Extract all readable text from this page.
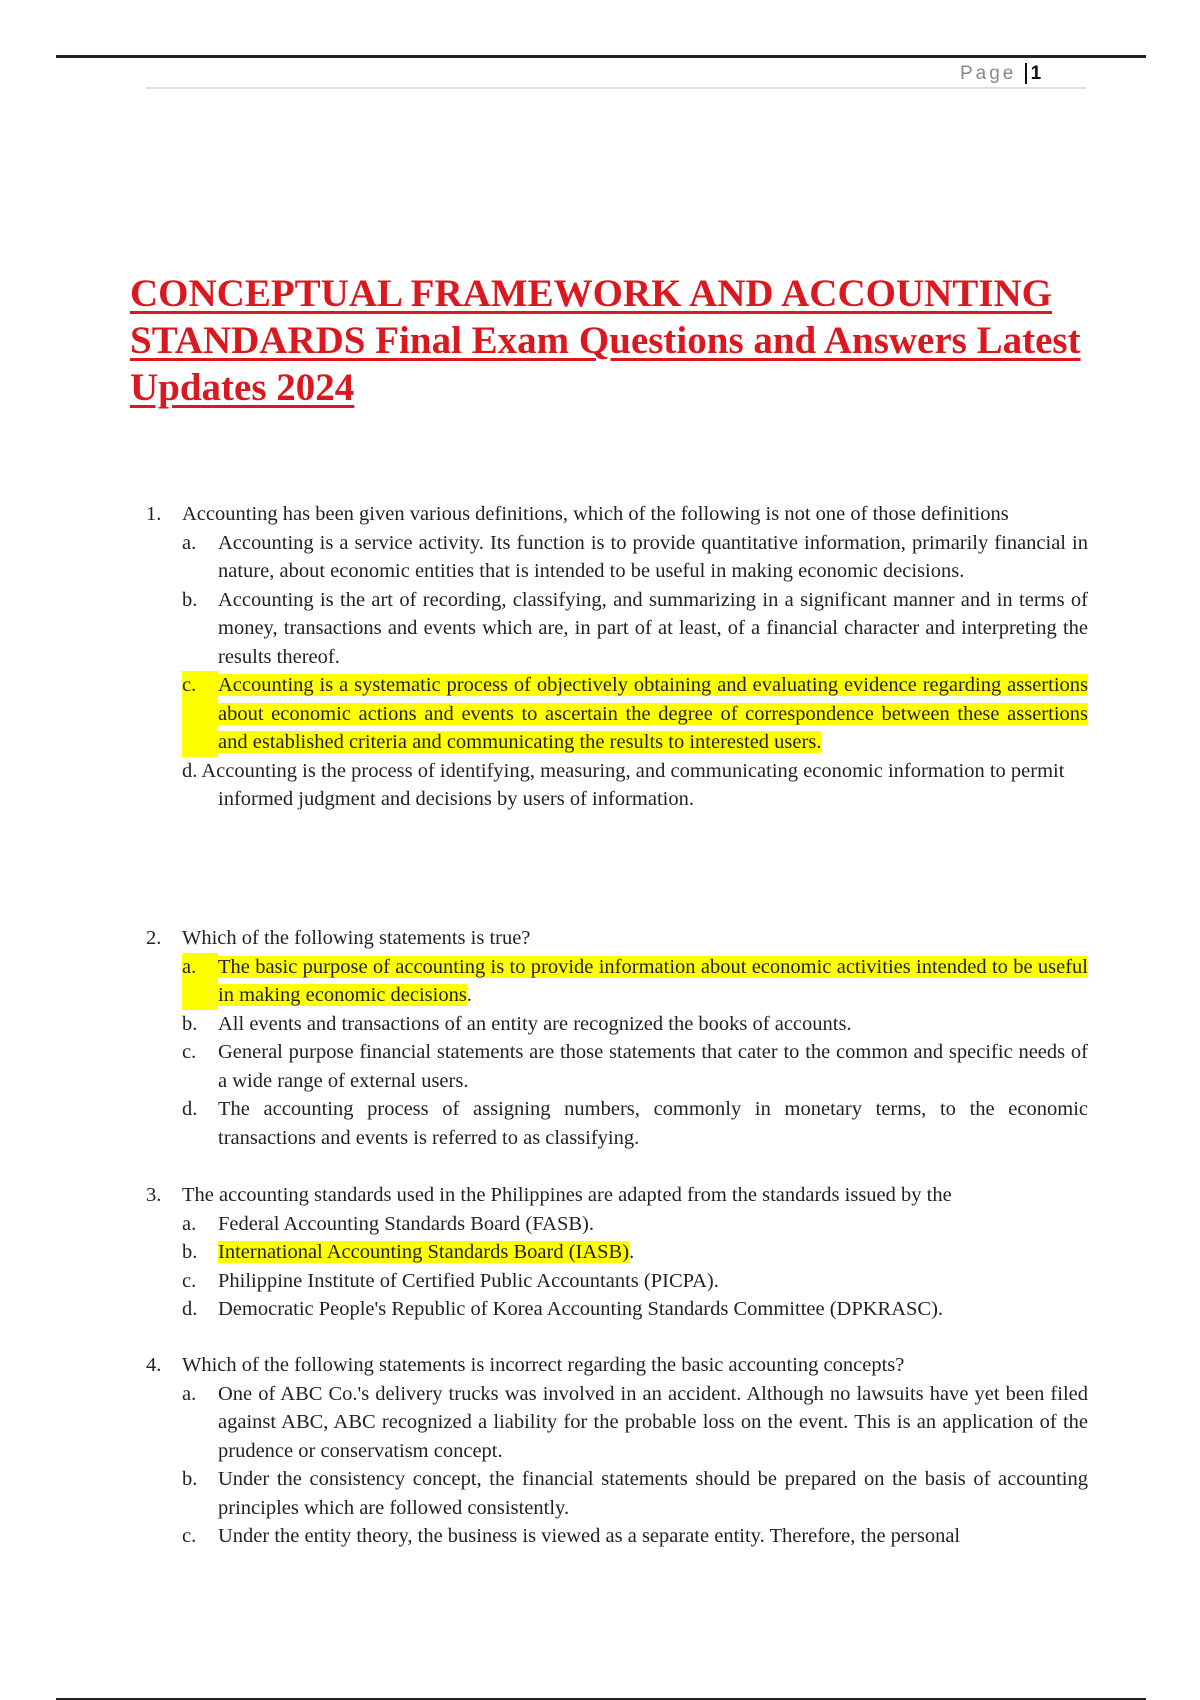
Page 1
CONCEPTUAL FRAMEWORK AND ACCOUNTING STANDARDS Final Exam Questions and Answers Latest Updates 2024
1.	Accounting has been given various definitions, which of the following is not one of those definitions
a.	Accounting is a service activity. Its function is to provide quantitative information, primarily financial in nature, about economic entities that is intended to be useful in making economic decisions.
b.	Accounting is the art of recording, classifying, and summarizing in a significant manner and in terms of money, transactions and events which are, in part of at least, of a financial character and interpreting the results thereof.
c.	Accounting is a systematic process of objectively obtaining and evaluating evidence regarding assertions about economic actions and events to ascertain the degree of correspondence between these assertions and established criteria and communicating the results to interested users.
d. Accounting is the process of identifying, measuring, and communicating economic information to permit informed judgment and decisions by users of information.
2.	Which of the following statements is true?
a.	The basic purpose of accounting is to provide information about economic activities intended to be useful in making economic decisions.
b.	All events and transactions of an entity are recognized the books of accounts.
c.	General purpose financial statements are those statements that cater to the common and specific needs of a wide range of external users.
d.	The accounting process of assigning numbers, commonly in monetary terms, to the economic transactions and events is referred to as classifying.
3.	The accounting standards used in the Philippines are adapted from the standards issued by the
a.	Federal Accounting Standards Board (FASB).
b.	International Accounting Standards Board (IASB).
c.	Philippine Institute of Certified Public Accountants (PICPA).
d.	Democratic People's Republic of Korea Accounting Standards Committee (DPKRASC).
4.	Which of the following statements is incorrect regarding the basic accounting concepts?
a.	One of ABC Co.'s delivery trucks was involved in an accident. Although no lawsuits have yet been filed against ABC, ABC recognized a liability for the probable loss on the event. This is an application of the prudence or conservatism concept.
b.	Under the consistency concept, the financial statements should be prepared on the basis of accounting principles which are followed consistently.
c.	Under the entity theory, the business is viewed as a separate entity. Therefore, the personal
